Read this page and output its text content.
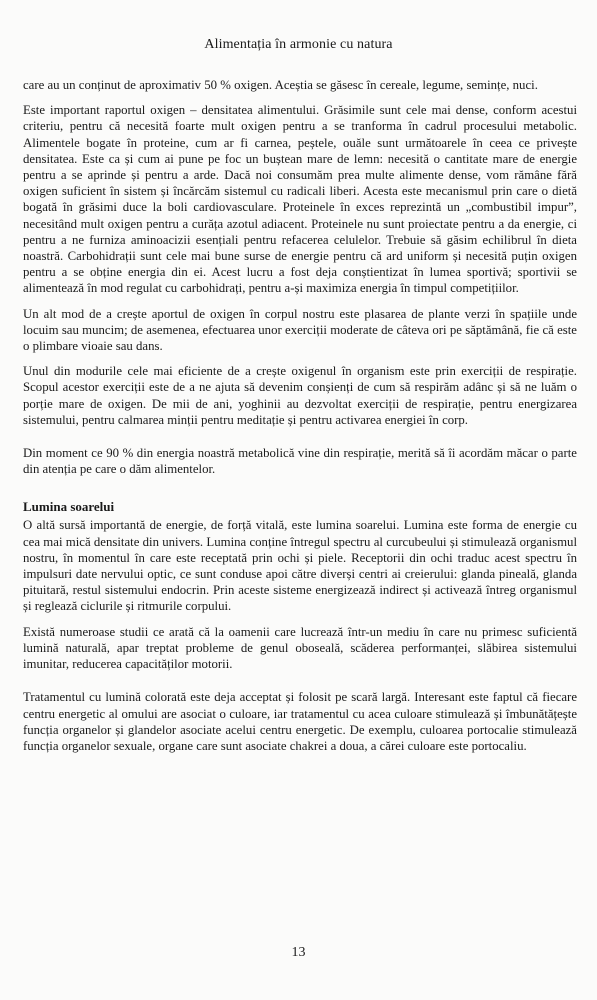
Alimentația în armonie cu natura

care au un conținut de aproximativ 50 % oxigen. Aceștia se găsesc în cereale, legume, semințe, nuci.

Este important raportul oxigen – densitatea alimentului. Grăsimile sunt cele mai dense, conform acestui criteriu, pentru că necesită foarte mult oxigen pentru a se tranforma în cadrul procesului metabolic. Alimentele bogate în proteine, cum ar fi carnea, peștele, ouăle sunt următoarele în ceea ce privește densitatea. Este ca și cum ai pune pe foc un buștean mare de lemn: necesită o cantitate mare de energie pentru a se aprinde și pentru a arde. Dacă noi consumăm prea multe alimente dense, vom rămâne fără oxigen suficient în sistem și încărcăm sistemul cu radicali liberi. Acesta este mecanismul prin care o dietă bogată în grăsimi duce la boli cardiovasculare. Proteinele în exces reprezintă un „combustibil impur”, necesitând mult oxigen pentru a curăța azotul adiacent. Proteinele nu sunt proiectate pentru a da energie, ci pentru a ne furniza aminoacizii esențiali pentru refacerea celulelor. Trebuie să găsim echilibrul în dieta noastră. Carbohidrații sunt cele mai bune surse de energie pentru că ard uniform și necesită puțin oxigen pentru a se obține energia din ei. Acest lucru a fost deja conștientizat în lumea sportivă; sportivii se alimentează în mod regulat cu carbohidrați, pentru a-și maximiza energia în timpul competițiilor.

Un alt mod de a crește aportul de oxigen în corpul nostru este plasarea de plante verzi în spațiile unde locuim sau muncim; de asemenea, efectuarea unor exerciții moderate de câteva ori pe săptămână, fie că este o plimbare vioaie sau dans.

Unul din modurile cele mai eficiente de a crește oxigenul în organism este prin exerciții de respirație. Scopul acestor exerciții este de a ne ajuta să devenim conșienți de cum să respirăm adânc și să ne luăm o porție mare de oxigen. De mii de ani, yoghinii au dezvoltat exerciții de respirație, pentru energizarea sistemului, pentru calmarea minții pentru meditație și pentru activarea energiei în corp.

Din moment ce 90 % din energia noastră metabolică vine din respirație, merită să îi acordăm măcar o parte din atenția pe care o dăm alimentelor.

Lumina soarelui

O altă sursă importantă de energie, de forță vitală, este lumina soarelui. Lumina este forma de energie cu cea mai mică densitate din univers. Lumina conține întregul spectru al curcubeului și stimulează organismul nostru, în momentul în care este receptată prin ochi și piele. Receptorii din ochi traduc acest spectru în impulsuri date nervului optic, ce sunt conduse apoi către diverși centri ai creierului: glanda pineală, glanda pituitară, restul sistemului endocrin. Prin aceste sisteme energizează indirect și activează întreg organismul și reglează ciclurile și ritmurile corpului.

Există numeroase studii ce arată că la oamenii care lucrează într-un mediu în care nu primesc suficientă lumină naturală, apar treptat probleme de genul oboseală, scăderea performanței, slăbirea sistemului imunitar, reducerea capacităților motorii.

Tratamentul cu lumină colorată este deja acceptat și folosit pe scară largă. Interesant este faptul că fiecare centru energetic al omului are asociat o culoare, iar tratamentul cu acea culoare stimulează și îmbunătățește funcția organelor și glandelor asociate acelui centru energetic. De exemplu, culoarea portocalie stimulează funcția organelor sexuale, organe care sunt asociate chakrei a doua, a cărei culoare este portocaliu.

13
